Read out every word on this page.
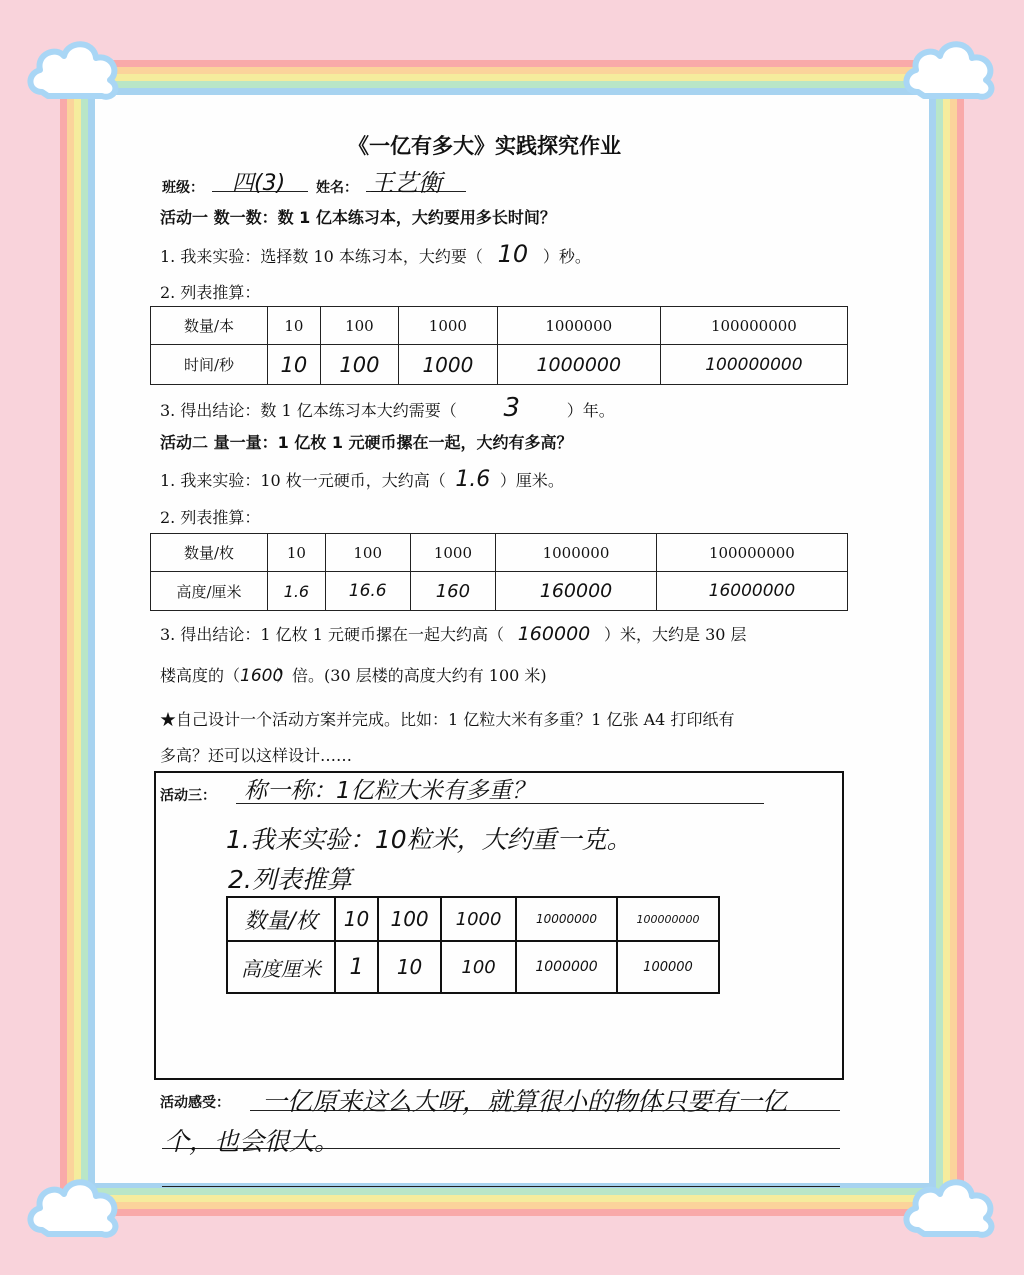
《一亿有多大》实践探究作业
班级： 四(3) 姓名： 王艺衡
活动一 数一数：数 1 亿本练习本，大约要用多长时间？
1. 我来实验：选择数 10 本练习本，大约要（ 10 ）秒。
2. 列表推算：
数量/本	10	100	1000	1000000	100000000
时间/秒	10	100	1000	1000000	100000000
3. 得出结论：数 1 亿本练习本大约需要（ 3	）年。
活动二 量一量：1 亿枚 1 元硬币摞在一起，大约有多高？
1. 我来实验：10 枚一元硬币，大约高（ 1.6 ）厘米。
2. 列表推算：
数量/枚	10	100	1000	1000000	100000000
高度/厘米	1.6	16.6	160	160000	16000000
3. 得出结论：1 亿枚 1 元硬币摞在一起大约高（ 160000 ）米，大约是 30 层
楼高度的（1600）倍。(30 层楼的高度大约有 100 米)
★自己设计一个活动方案并完成。比如：1 亿粒大米有多重？1 亿张 A4 打印纸有
多高？还可以这样设计……
活动三： 称一称：1亿粒大米有多重？
1.我来实验：10粒米，大约重一克。
2.列表推算
数量/枚	10	100	1000	10000000	100000000
高度厘米	1	10	100	1000000	100000
活动感受： 一亿原来这么大呀，就算很小的物体只要有一亿
个，也会很大。
